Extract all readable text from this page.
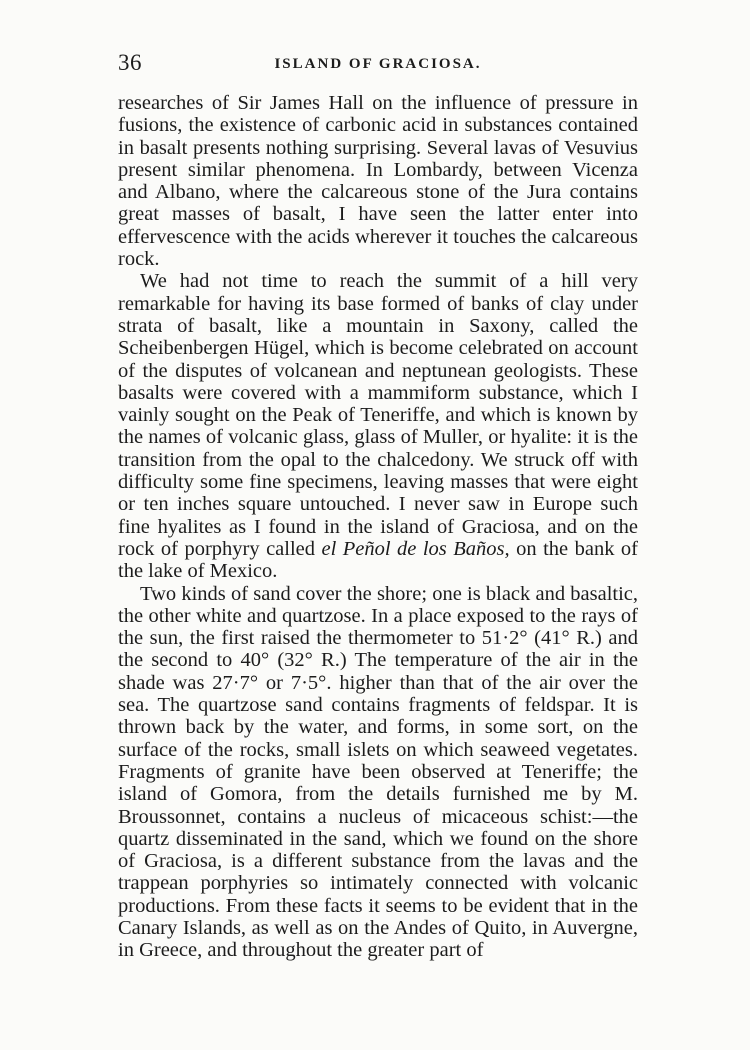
36	ISLAND OF GRACIOSA.

researches of Sir James Hall on the influence of pressure in fusions, the existence of carbonic acid in substances contained in basalt presents nothing surprising. Several lavas of Vesuvius present similar phenomena. In Lombardy, between Vicenza and Albano, where the calcareous stone of the Jura contains great masses of basalt, I have seen the latter enter into effervescence with the acids wherever it touches the calcareous rock.

We had not time to reach the summit of a hill very remarkable for having its base formed of banks of clay under strata of basalt, like a mountain in Saxony, called the Scheibenbergen Hügel, which is become celebrated on account of the disputes of volcanean and neptunean geologists. These basalts were covered with a mammiform substance, which I vainly sought on the Peak of Teneriffe, and which is known by the names of volcanic glass, glass of Muller, or hyalite: it is the transition from the opal to the chalcedony. We struck off with difficulty some fine specimens, leaving masses that were eight or ten inches square untouched. I never saw in Europe such fine hyalites as I found in the island of Graciosa, and on the rock of porphyry called el Peñol de los Baños, on the bank of the lake of Mexico.

Two kinds of sand cover the shore; one is black and basaltic, the other white and quartzose. In a place exposed to the rays of the sun, the first raised the thermometer to 51·2° (41° R.) and the second to 40° (32° R.) The temperature of the air in the shade was 27·7° or 7·5°. higher than that of the air over the sea. The quartzose sand contains fragments of feldspar. It is thrown back by the water, and forms, in some sort, on the surface of the rocks, small islets on which seaweed vegetates. Fragments of granite have been observed at Teneriffe; the island of Gomora, from the details furnished me by M. Broussonnet, contains a nucleus of micaceous schist:—the quartz disseminated in the sand, which we found on the shore of Graciosa, is a different substance from the lavas and the trappean porphyries so intimately connected with volcanic productions. From these facts it seems to be evident that in the Canary Islands, as well as on the Andes of Quito, in Auvergne, in Greece, and throughout the greater part of
